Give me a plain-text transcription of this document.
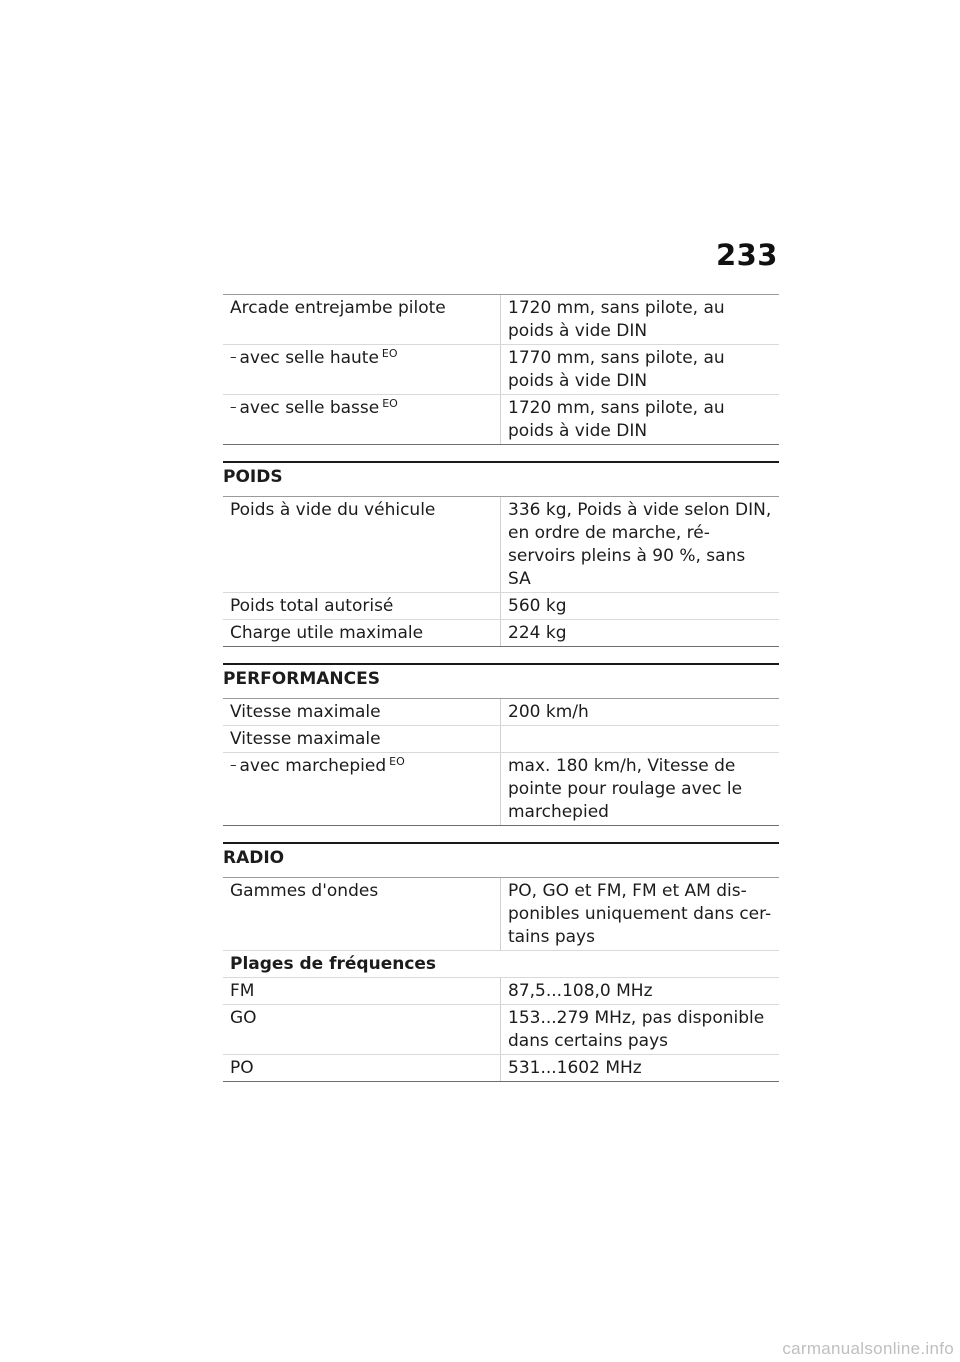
233
Arcade entrejambe pilote	1720 mm, sans pilote, au poids à vide DIN
– avec selle haute $^{EO}$	1770 mm, sans pilote, au poids à vide DIN
– avec selle basse $^{EO}$	1720 mm, sans pilote, au poids à vide DIN
POIDS
Poids à vide du véhicule	336 kg, Poids à vide selon DIN, en ordre de marche, ré-servoirs pleins à 90 %, sans SA
Poids total autorisé	560 kg
Charge utile maximale	224 kg
PERFORMANCES
Vitesse maximale	200 km/h
Vitesse maximale	
– avec marchepied $^{EO}$	max. 180 km/h, Vitesse de pointe pour roulage avec le marchepied
RADIO
Gammes d'ondes	PO, GO et FM, FM et AM dis-ponibles uniquement dans cer-tains pays
Plages de fréquences	
FM	87,5...108,0 MHz
GO	153...279 MHz, pas disponible dans certains pays
PO	531...1602 MHz
carmanualsonline.info
